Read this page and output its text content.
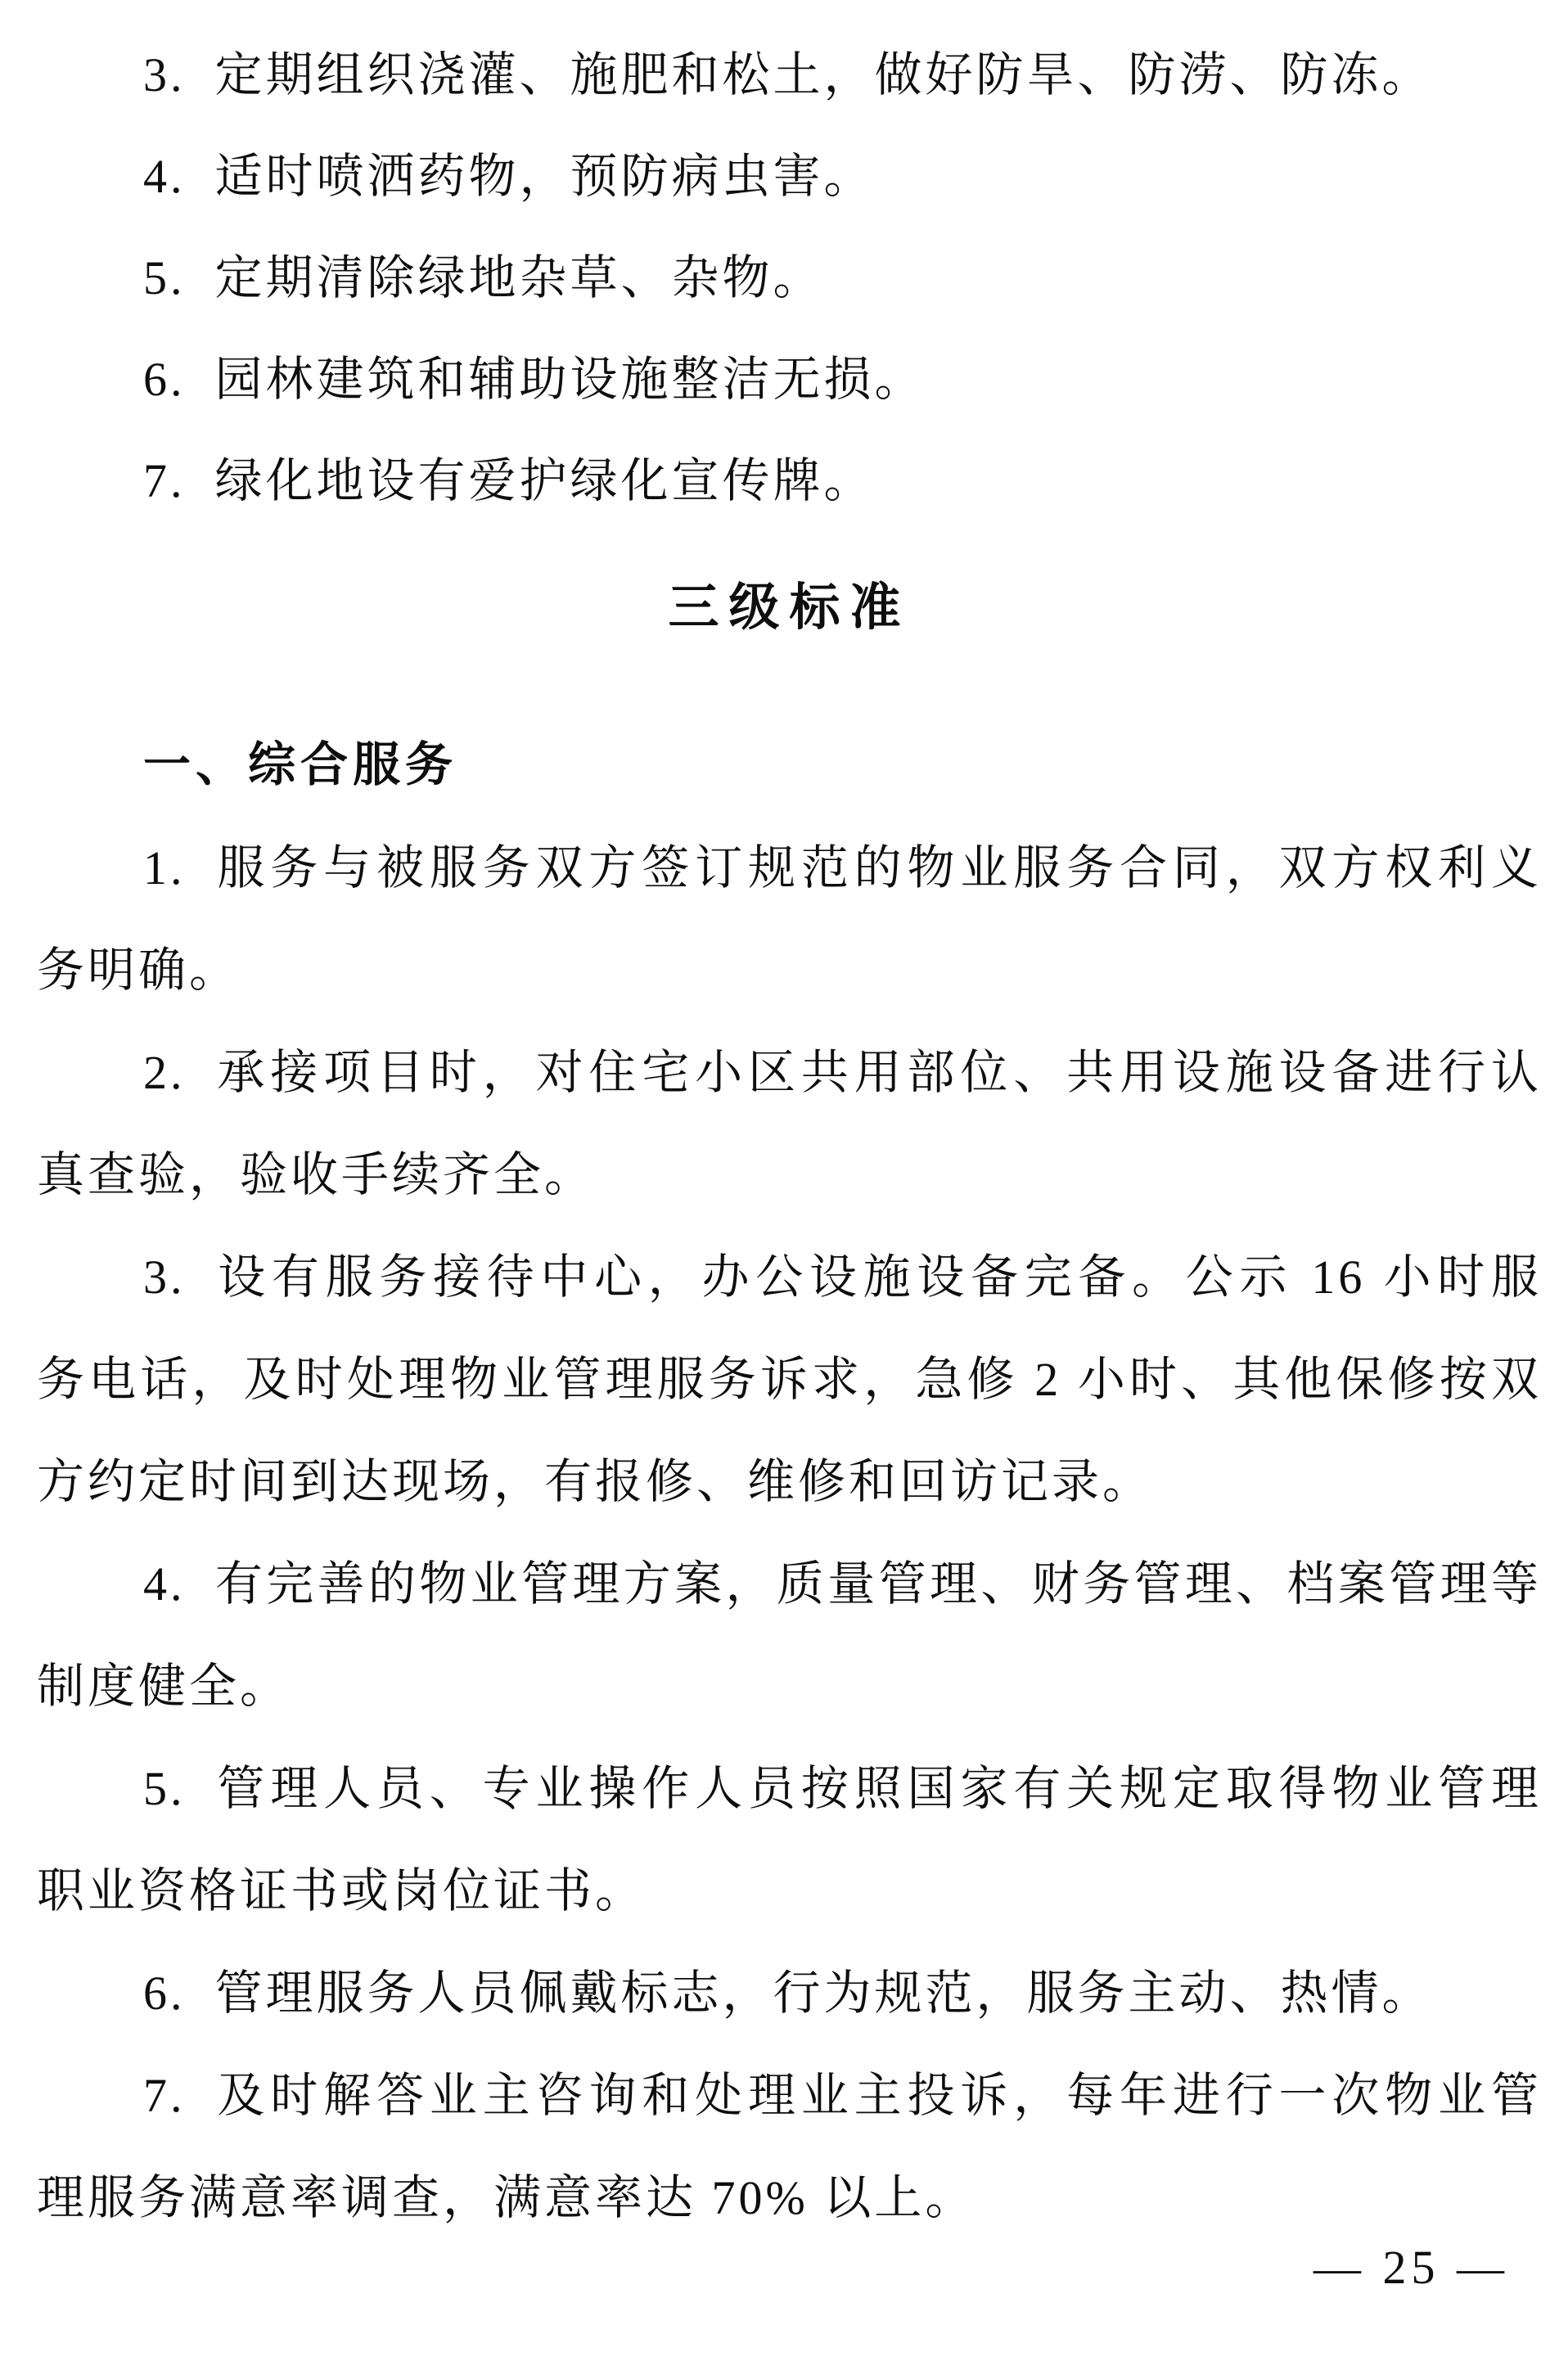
3. 定期组织浇灌、施肥和松土，做好防旱、防涝、防冻。
4. 适时喷洒药物，预防病虫害。
5. 定期清除绿地杂草、杂物。
6. 园林建筑和辅助设施整洁无损。
7. 绿化地设有爱护绿化宣传牌。
三级标准
一、综合服务
1. 服务与被服务双方签订规范的物业服务合同，双方权利义
务明确。
2. 承接项目时，对住宅小区共用部位、共用设施设备进行认
真查验，验收手续齐全。
3. 设有服务接待中心，办公设施设备完备。公示 16 小时服
务电话，及时处理物业管理服务诉求，急修 2 小时、其他保修按双
方约定时间到达现场，有报修、维修和回访记录。
4. 有完善的物业管理方案，质量管理、财务管理、档案管理等
制度健全。
5. 管理人员、专业操作人员按照国家有关规定取得物业管理
职业资格证书或岗位证书。
6. 管理服务人员佩戴标志，行为规范，服务主动、热情。
7. 及时解答业主咨询和处理业主投诉，每年进行一次物业管
理服务满意率调查，满意率达 70% 以上。
— 25 —
